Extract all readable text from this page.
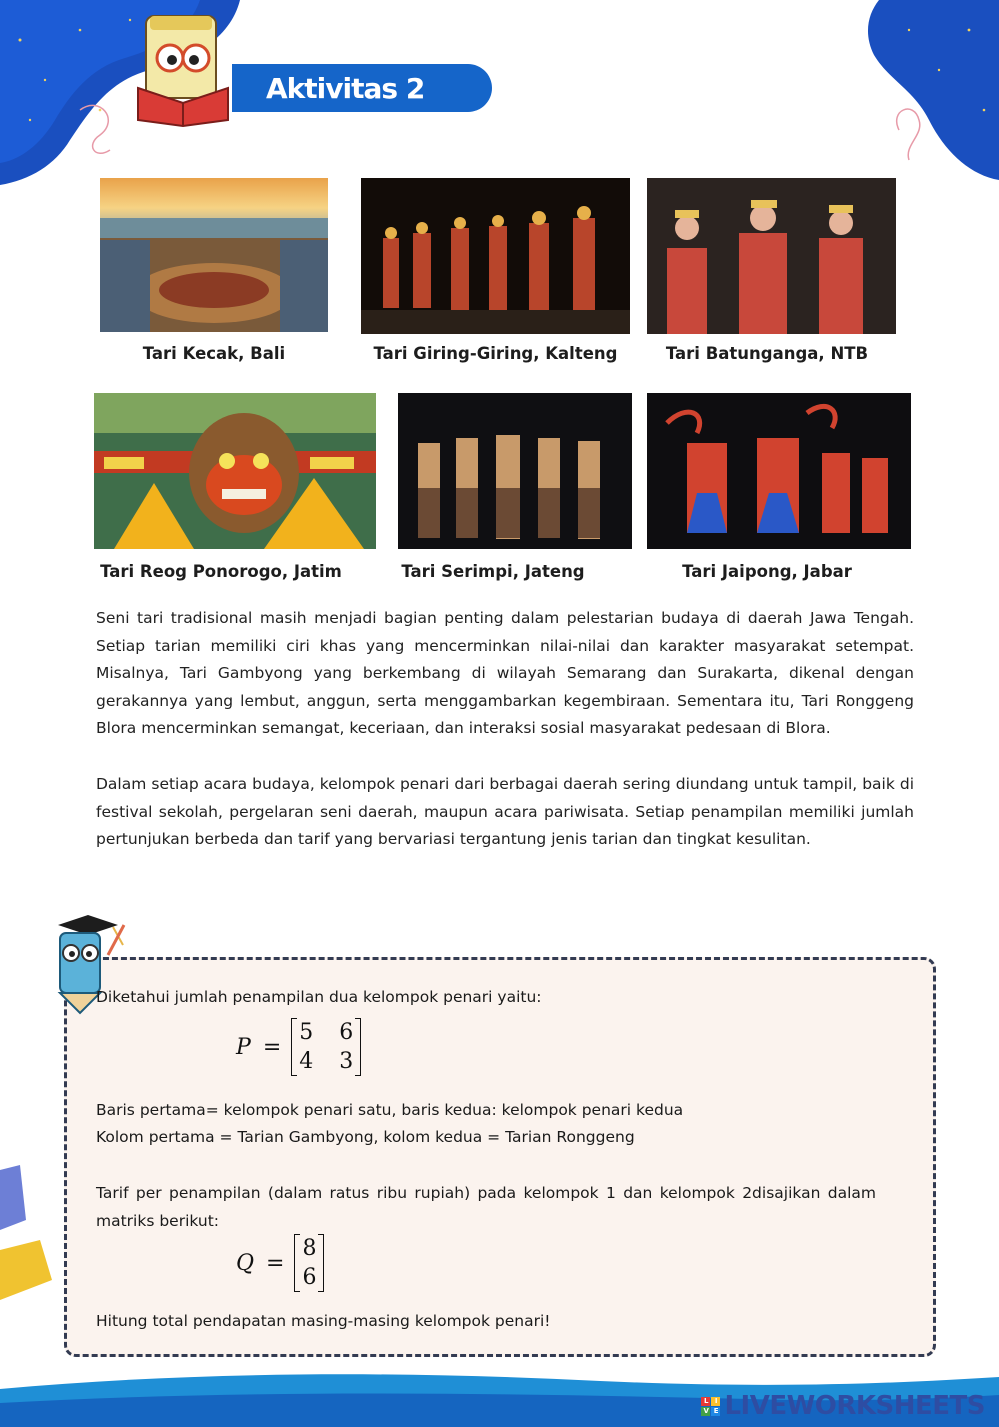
Aktivitas 2
Tari Kecak, Bali	Tari Giring-Giring, Kalteng	Tari Batunganga, NTB
Tari Reog Ponorogo, Jatim	Tari Serimpi, Jateng	Tari Jaipong, Jabar

Seni tari tradisional masih menjadi bagian penting dalam pelestarian budaya di daerah Jawa Tengah. Setiap tarian memiliki ciri khas yang mencerminkan nilai-nilai dan karakter masyarakat setempat. Misalnya, Tari Gambyong yang berkembang di wilayah Semarang dan Surakarta, dikenal dengan gerakannya yang lembut, anggun, serta menggambarkan kegembiraan. Sementara itu, Tari Ronggeng Blora mencerminkan semangat, keceriaan, dan interaksi sosial masyarakat pedesaan di Blora.

Dalam setiap acara budaya, kelompok penari dari berbagai daerah sering diundang untuk tampil, baik di festival sekolah, pergelaran seni daerah, maupun acara pariwisata. Setiap penampilan memiliki jumlah pertunjukan berbeda dan tarif yang bervariasi tergantung jenis tarian dan tingkat kesulitan.

Diketahui jumlah penampilan dua kelompok penari yaitu:

P =
5 6
4 3

Baris pertama= kelompok penari satu, baris kedua: kelompok penari kedua

Kolom pertama = Tarian Gambyong, kolom kedua = Tarian Ronggeng

Tarif per penampilan (dalam ratus ribu rupiah) pada kelompok 1 dan kelompok 2disajikan dalam matriks berikut:

Q =
8
6

Hitung total pendapatan masing-masing kelompok penari!

L I
V E LIVEWORKSHEETS
